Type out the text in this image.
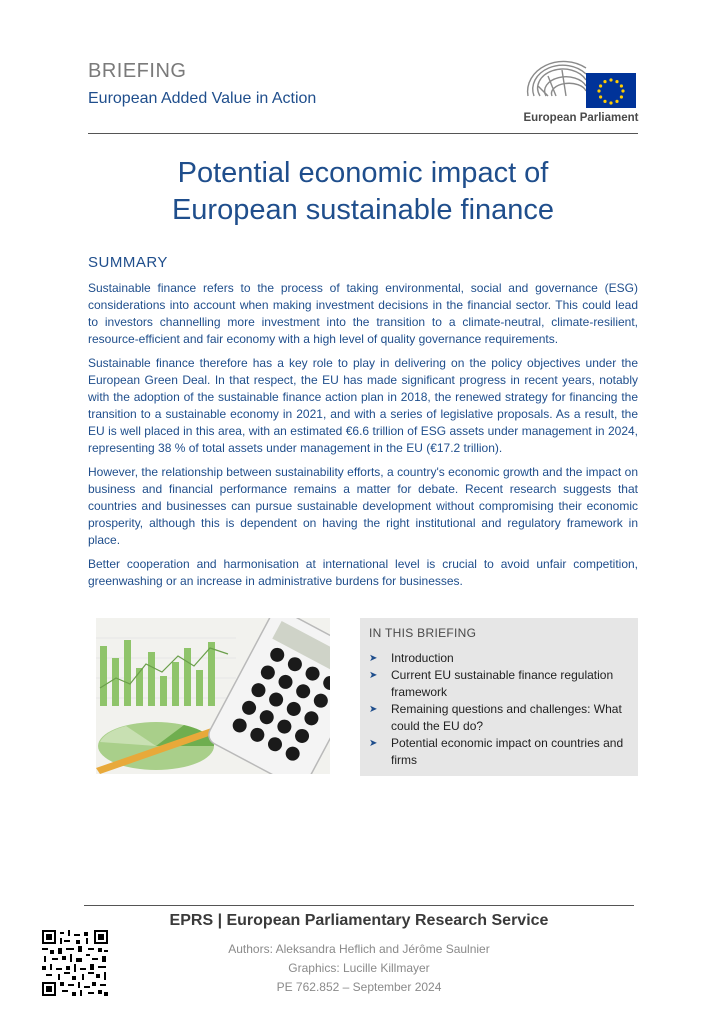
BRIEFING
European Added Value in Action
European Parliament
Potential economic impact of
European sustainable finance
SUMMARY

Sustainable finance refers to the process of taking environmental, social and governance (ESG) considerations into account when making investment decisions in the financial sector. This could lead to investors channelling more investment into the transition to a climate-neutral, climate-resilient, resource-efficient and fair economy with a high level of quality governance requirements.

Sustainable finance therefore has a key role to play in delivering on the policy objectives under the European Green Deal. In that respect, the EU has made significant progress in recent years, notably with the adoption of the sustainable finance action plan in 2018, the renewed strategy for financing the transition to a sustainable economy in 2021, and with a series of legislative proposals. As a result, the EU is well placed in this area, with an estimated €6.6 trillion of ESG assets under management in 2024, representing 38 % of total assets under management in the EU (€17.2 trillion).

However, the relationship between sustainability efforts, a country's economic growth and the impact on business and financial performance remains a matter for debate. Recent research suggests that countries and businesses can pursue sustainable development without compromising their economic prosperity, although this is dependent on having the right institutional and regulatory framework in place.

Better cooperation and harmonisation at international level is crucial to avoid unfair competition, greenwashing or an increase in administrative burdens for businesses.

IN THIS BRIEFING
➤	Introduction
➤	Current EU sustainable finance regulation framework
➤	Remaining questions and challenges: What could the EU do?
➤	Potential economic impact on countries and firms
EPRS | European Parliamentary Research Service
Authors: Aleksandra Heflich and Jérôme Saulnier
Graphics: Lucille Killmayer
PE 762.852 – September 2024
